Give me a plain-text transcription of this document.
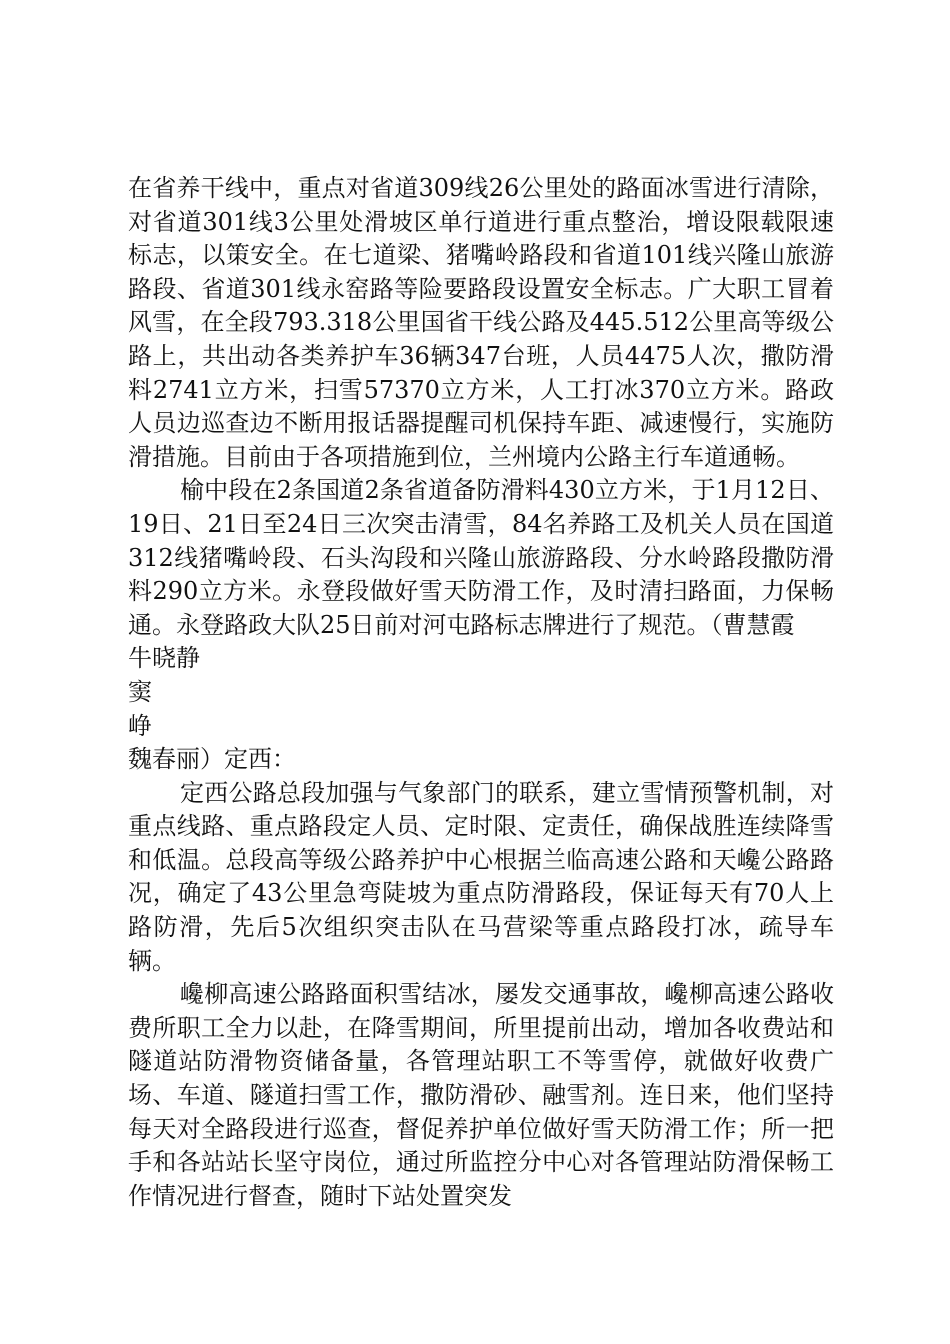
在省养干线中，重点对省道309线26公里处的路面冰雪进行清除，对省道301线3公里处滑坡区单行道进行重点整治，增设限载限速标志，以策安全。在七道梁、猪嘴岭路段和省道101线兴隆山旅游路段、省道301线永窑路等险要路段设置安全标志。广大职工冒着风雪，在全段793.318公里国省干线公路及445.512公里高等级公路上，共出动各类养护车36辆347台班，人员4475人次，撒防滑料2741立方米，扫雪57370立方米，人工打冰370立方米。路政人员边巡查边不断用报话器提醒司机保持车距、减速慢行，实施防滑措施。目前由于各项措施到位，兰州境内公路主行车道通畅。

榆中段在2条国道2条省道备防滑料430立方米，于1月12日、19日、21日至24日三次突击清雪，84名养路工及机关人员在国道312线猪嘴岭段、石头沟段和兴隆山旅游路段、分水岭路段撒防滑料290立方米。永登段做好雪天防滑工作，及时清扫路面，力保畅通。永登路政大队25日前对河屯路标志牌进行了规范。（曹慧霞

牛晓静

窦

峥

魏春丽）定西：

定西公路总段加强与气象部门的联系，建立雪情预警机制，对重点线路、重点路段定人员、定时限、定责任，确保战胜连续降雪和低温。总段高等级公路养护中心根据兰临高速公路和天巉公路路况，确定了43公里急弯陡坡为重点防滑路段，保证每天有70人上路防滑，先后5次组织突击队在马营梁等重点路段打冰，疏导车辆。

巉柳高速公路路面积雪结冰，屡发交通事故，巉柳高速公路收费所职工全力以赴，在降雪期间，所里提前出动，增加各收费站和隧道站防滑物资储备量，各管理站职工不等雪停，就做好收费广场、车道、隧道扫雪工作，撒防滑砂、融雪剂。连日来，他们坚持每天对全路段进行巡查，督促养护单位做好雪天防滑工作；所一把手和各站站长坚守岗位，通过所监控分中心对各管理站防滑保畅工作情况进行督查，随时下站处置突发
